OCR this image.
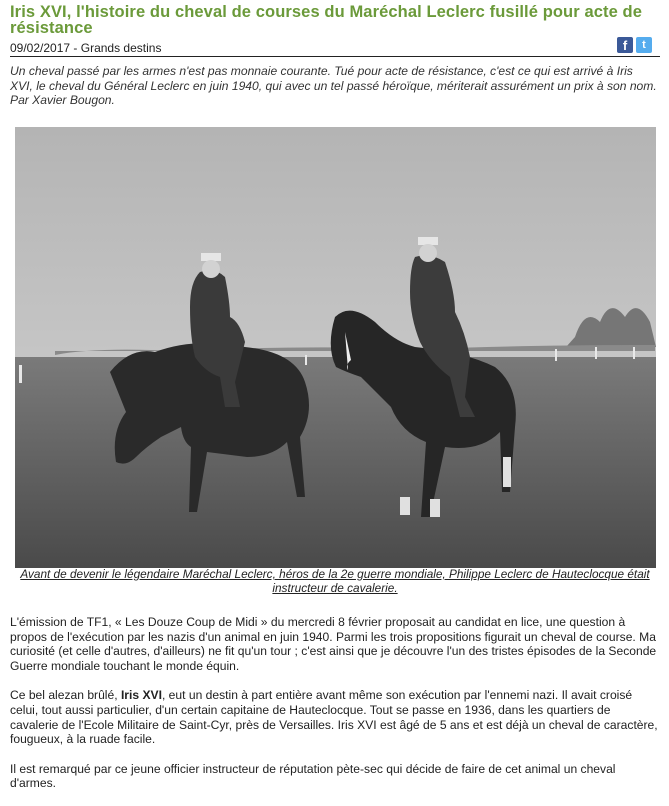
Iris XVI, l'histoire du cheval de courses du Maréchal Leclerc fusillé pour acte de résistance
09/02/2017 - Grands destins	f	t

Un cheval passé par les armes n'est pas monnaie courante. Tué pour acte de résistance, c'est ce qui est arrivé à Iris XVI, le cheval du Général Leclerc en juin 1940, qui avec un tel passé héroïque, mériterait assurément un prix à son nom. Par Xavier Bougon.

Avant de devenir le légendaire Maréchal Leclerc, héros de la 2e guerre mondiale, Philippe Leclerc de Hauteclocque était instructeur de cavalerie.

L'émission de TF1, « Les Douze Coup de Midi » du mercredi 8 février proposait au candidat en lice, une question à propos de l'exécution par les nazis d'un animal en juin 1940. Parmi les trois propositions figurait un cheval de course. Ma curiosité (et celle d'autres, d'ailleurs) ne fit qu'un tour ; c'est ainsi que je découvre l'un des tristes épisodes de la Seconde Guerre mondiale touchant le monde équin.

Ce bel alezan brûlé, Iris XVI, eut un destin à part entière avant même son exécution par l'ennemi nazi. Il avait croisé celui, tout aussi particulier, d'un certain capitaine de Hauteclocque. Tout se passe en 1936, dans les quartiers de cavalerie de l'Ecole Militaire de Saint-Cyr, près de Versailles. Iris XVI est âgé de 5 ans et est déjà un cheval de caractère, fougueux, à la ruade facile.

Il est remarqué par ce jeune officier instructeur de réputation pète-sec qui décide de faire de cet animal un cheval d'armes.
